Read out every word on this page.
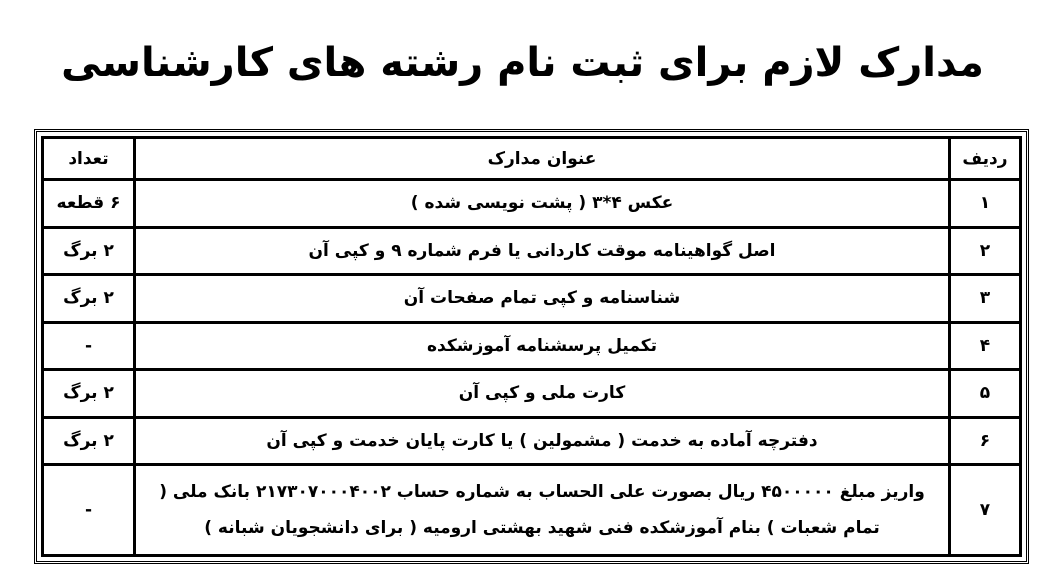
مدارک لازم برای ثبت نام رشته های کارشناسی
ردیف	عنوان مدارک	تعداد
۱	عکس ۴*۳ ( پشت نویسی شده )	۶ قطعه
۲	اصل گواهینامه موقت کاردانی یا فرم شماره ۹ و کپی آن	۲ برگ
۳	شناسنامه و کپی تمام صفحات آن	۲ برگ
۴	تکمیل پرسشنامه آموزشکده	-
۵	کارت ملی و کپی آن	۲ برگ
۶	دفترچه آماده به خدمت ( مشمولین ) یا کارت پایان خدمت و کپی آن	۲ برگ
۷	واریز مبلغ ۴۵۰۰۰۰۰ ریال بصورت علی الحساب به شماره حساب ۲۱۷۳۰۷۰۰۰۴۰۰۲ بانک ملی ( تمام شعبات ) بنام آموزشکده فنی شهید بهشتی ارومیه ( برای دانشجویان شبانه )	-
